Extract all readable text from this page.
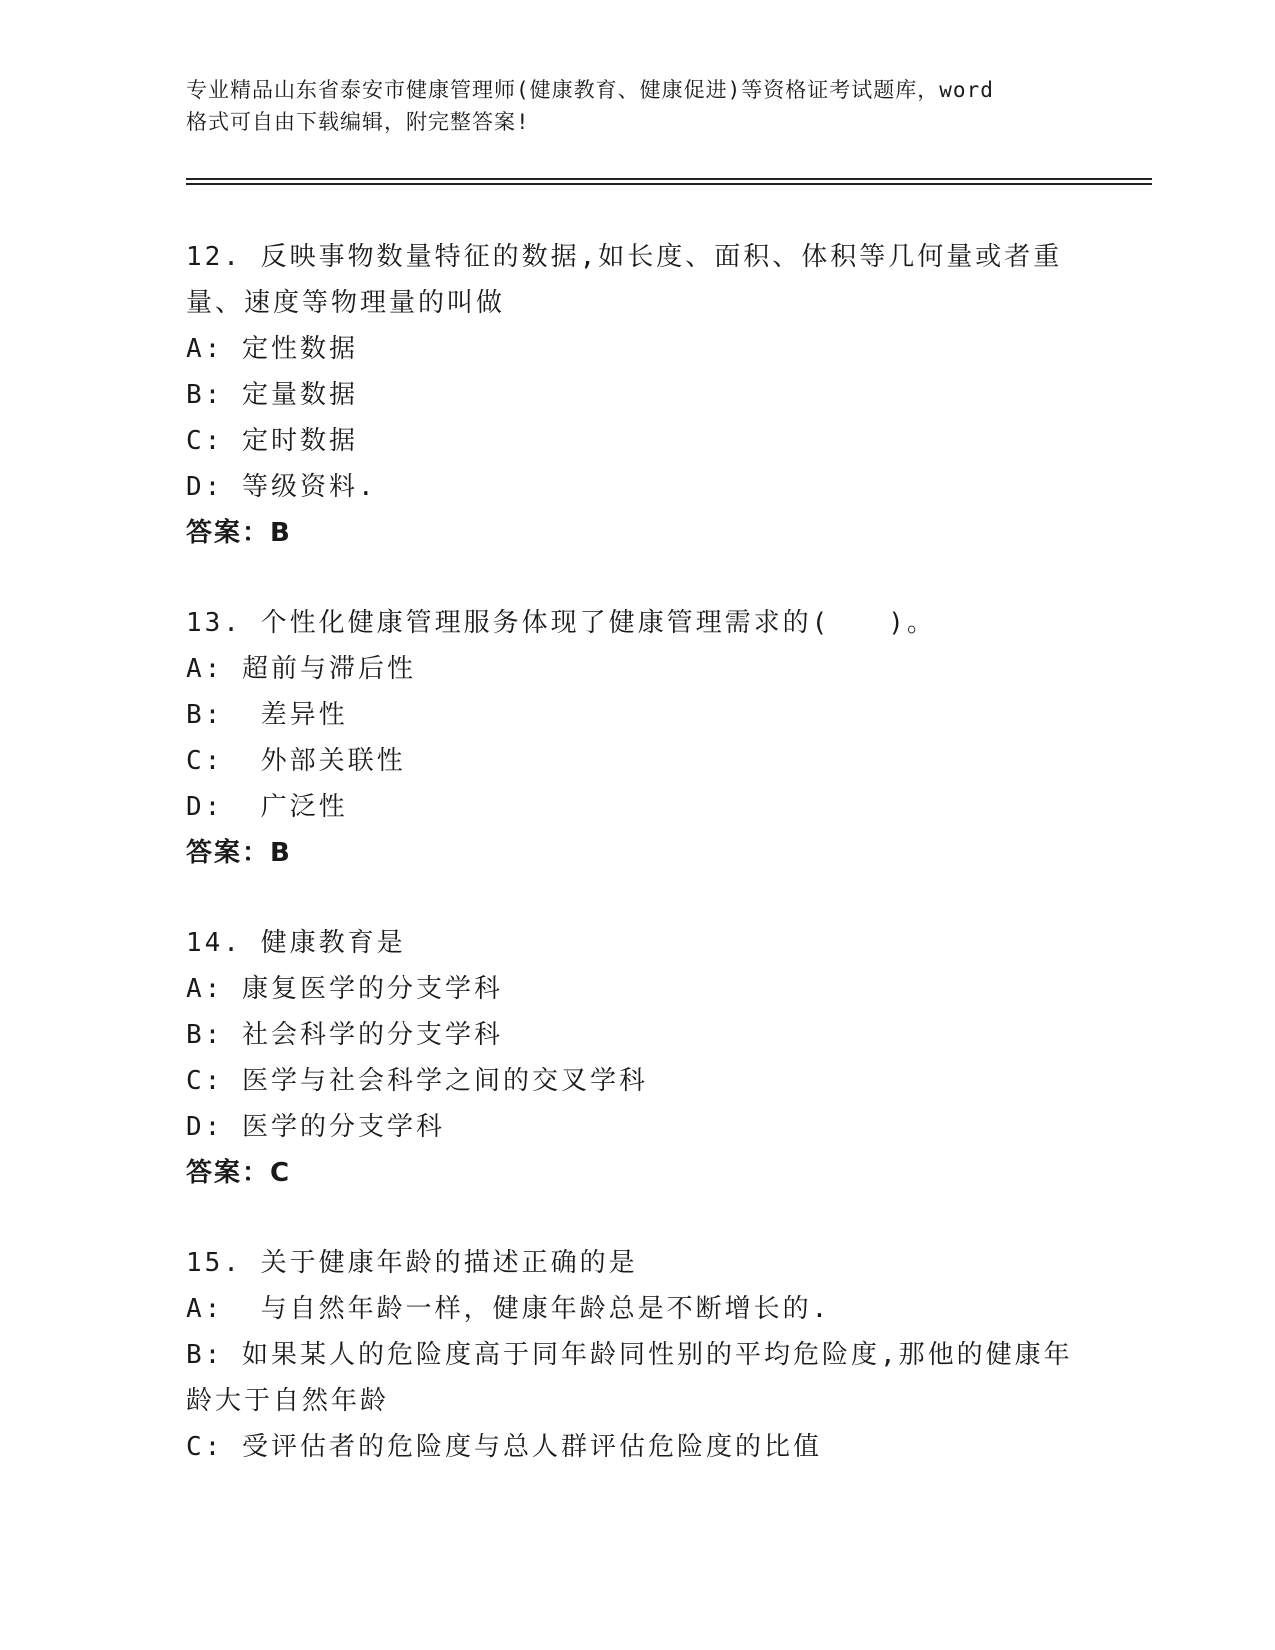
专业精品山东省泰安市健康管理师(健康教育、健康促进)等资格证考试题库，word
格式可自由下载编辑，附完整答案!

12. 反映事物数量特征的数据,如长度、面积、体积等几何量或者重量、速度等物理量的叫做

A: 定性数据

B: 定量数据

C: 定时数据

D: 等级资料.

答案：B

13. 个性化健康管理服务体现了健康管理需求的(　　)。

A: 超前与滞后性

B:  差异性

C:  外部关联性

D:  广泛性

答案：B

14. 健康教育是

A: 康复医学的分支学科

B: 社会科学的分支学科

C: 医学与社会科学之间的交叉学科

D: 医学的分支学科

答案：C

15. 关于健康年龄的描述正确的是

A:  与自然年龄一样，健康年龄总是不断增长的.

B: 如果某人的危险度高于同年龄同性别的平均危险度,那他的健康年龄大于自然年龄

C: 受评估者的危险度与总人群评估危险度的比值
